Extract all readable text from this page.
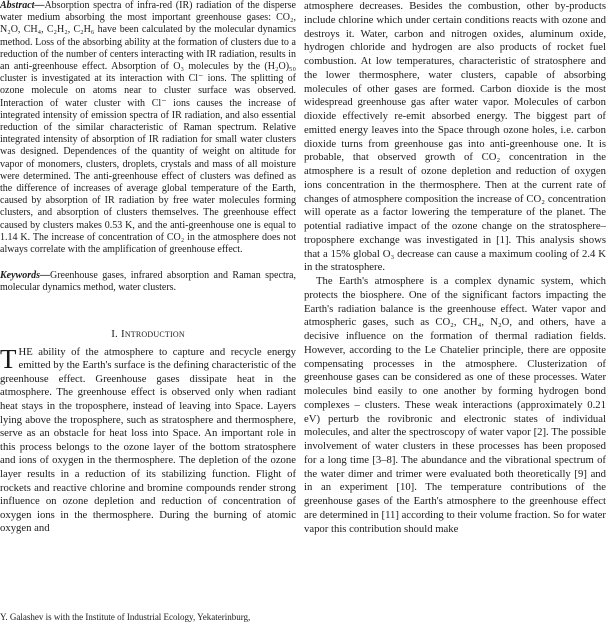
Abstract—Absorption spectra of infra-red (IR) radiation of the disperse water medium absorbing the most important greenhouse gases: CO₂, N₂O, CH₄, C₂H₂, C₂H₆ have been calculated by the molecular dynamics method. Loss of the absorbing ability at the formation of clusters due to a reduction of the number of centers interacting with IR radiation, results in an anti-greenhouse effect. Absorption of O₃ molecules by the (H₂O)₅₀ cluster is investigated at its interaction with Cl⁻ ions. The splitting of ozone molecule on atoms near to cluster surface was observed. Interaction of water cluster with Cl⁻ ions causes the increase of integrated intensity of emission spectra of IR radiation, and also essential reduction of the similar characteristic of Raman spectrum. Relative integrated intensity of absorption of IR radiation for small water clusters was designed. Dependences of the quantity of weight on altitude for vapor of monomers, clusters, droplets, crystals and mass of all moisture were determined. The anti-greenhouse effect of clusters was defined as the difference of increases of average global temperature of the Earth, caused by absorption of IR radiation by free water molecules forming clusters, and absorption of clusters themselves. The greenhouse effect caused by clusters makes 0.53 K, and the anti-greenhouse one is equal to 1.14 K. The increase of concentration of CO₂ in the atmosphere does not always correlate with the amplification of greenhouse effect.

Keywords—Greenhouse gases, infrared absorption and Raman spectra, molecular dynamics method, water clusters.

I. Introduction

THE ability of the atmosphere to capture and recycle energy emitted by the Earth's surface is the defining characteristic of the greenhouse effect. Greenhouse gases dissipate heat in the atmosphere. The greenhouse effect is observed only when radiant heat stays in the troposphere, instead of leaving into Space. Layers lying above the troposphere, such as stratosphere and thermosphere, serve as an obstacle for heat loss into Space. An important role in this process belongs to the ozone layer of the bottom stratosphere and ions of oxygen in the thermosphere. The depletion of the ozone layer results in a reduction of its stabilizing function. Flight of rockets and reactive chlorine and bromine compounds render strong influence on ozone depletion and reduction of concentration of oxygen ions in the thermosphere. During the burning of atomic oxygen and

Y. Galashev is with the Institute of Industrial Ecology, Yekaterinburg,

atmosphere decreases. Besides the combustion, other by-products include chlorine which under certain conditions reacts with ozone and destroys it. Water, carbon and nitrogen oxides, aluminum oxide, hydrogen chloride and hydrogen are also products of rocket fuel combustion. At low temperatures, characteristic of stratosphere and the lower thermosphere, water clusters, capable of absorbing molecules of other gases are formed. Carbon dioxide is the most widespread greenhouse gas after water vapor. Molecules of carbon dioxide effectively re-emit absorbed energy. The biggest part of emitted energy leaves into the Space through ozone holes, i.e. carbon dioxide turns from greenhouse gas into anti-greenhouse one. It is probable, that observed growth of CO₂ concentration in the atmosphere is a result of ozone depletion and reduction of oxygen ions concentration in the thermosphere. Then at the current rate of changes of atmosphere composition the increase of CO₂ concentration will operate as a factor lowering the temperature of the planet. The potential radiative impact of the ozone change on the stratosphere–troposphere exchange was investigated in [1]. This analysis shows that a 15% global O₃ decrease can cause a maximum cooling of 2.4 K in the stratosphere.

The Earth's atmosphere is a complex dynamic system, which protects the biosphere. One of the significant factors impacting the Earth's radiation balance is the greenhouse effect. Water vapor and atmospheric gases, such as CO₂, CH₄, N₂O, and others, have a decisive influence on the formation of thermal radiation fields. However, according to the Le Chatelier principle, there are opposite compensating processes in the atmosphere. Clusterization of greenhouse gases can be considered as one of these processes. Water molecules bind easily to one another by forming hydrogen bond complexes – clusters. These weak interactions (approximately 0.21 eV) perturb the rovibronic and electronic states of individual molecules, and alter the spectroscopy of water vapor [2]. The possible involvement of water clusters in these processes has been proposed for a long time [3–8]. The abundance and the vibrational spectrum of the water dimer and trimer were evaluated both theoretically [9] and in an experiment [10]. The temperature contributions of the greenhouse gases of the Earth's atmosphere to the greenhouse effect are determined in [11] according to their volume fraction. So for water vapor this contribution should make
